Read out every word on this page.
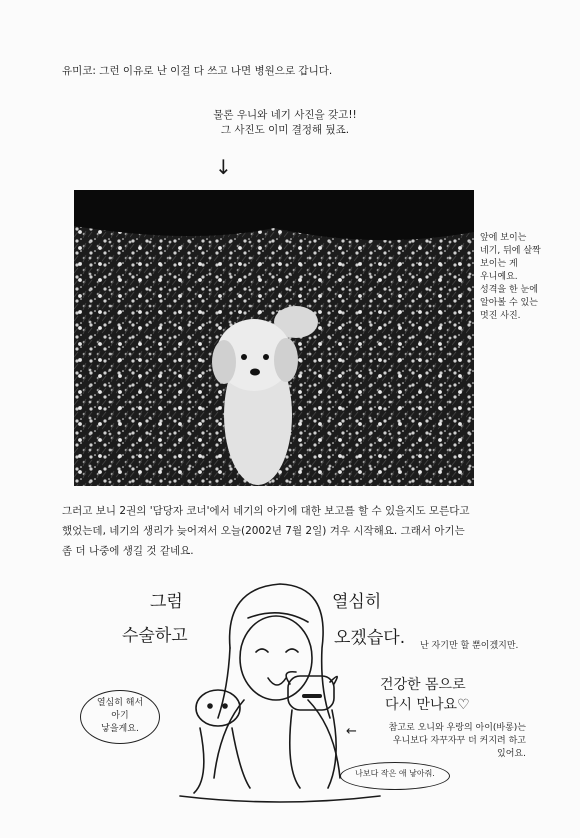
유미코: 그런 이유로 난 이걸 다 쓰고 나면 병원으로 갑니다.
물론 우니와 네기 사진을 갖고!!
그 사진도 이미 결정해 뒀죠.
↓
앞에 보이는
네기, 뒤에 살짝
보이는 게
우니예요.
성격을 한 눈에
알아볼 수 있는
멋진 사진.
그러고 보니 2권의 '담당자 코너'에서 네기의 아기에 대한 보고를 할 수 있을지도 모른다고
했었는데, 네기의 생리가 늦어져서 오늘(2002년 7월 2일) 겨우 시작해요. 그래서 아기는
좀 더 나중에 생길 것 같네요.
그럼
수술하고
열심히
오겠습다. 난 자기만 할 뿐이겠지만.
건강한 몸으로
다시 만나요♡
열심히 해서
아기
낳을게요.	←	참고로 오니와 우랑의 아이(바롱)는
우니보다 자꾸자꾸 더 커지려 하고
있어요.
나보다 작은 애 낳아줘.
